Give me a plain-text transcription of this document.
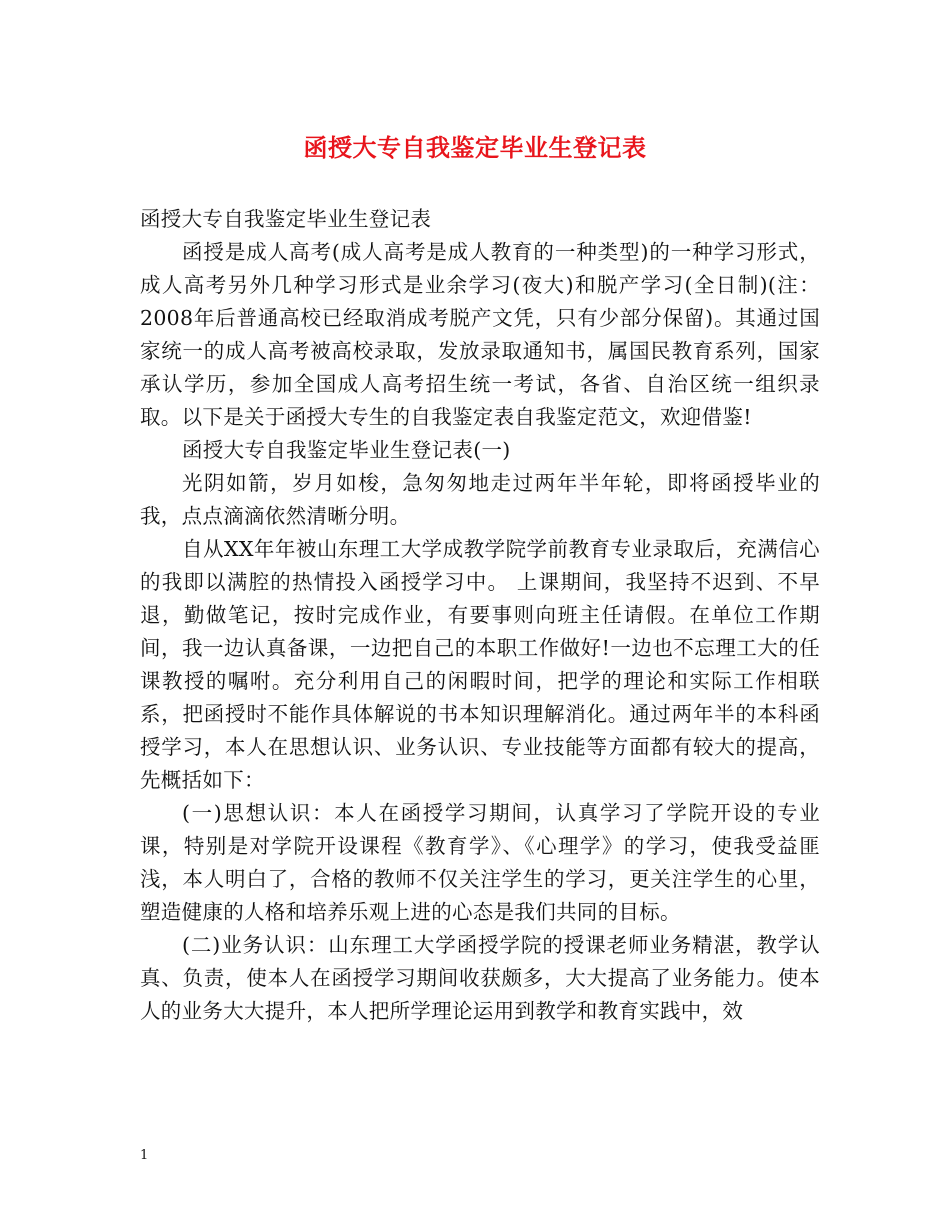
函授大专自我鉴定毕业生登记表

函授大专自我鉴定毕业生登记表

函授是成人高考(成人高考是成人教育的一种类型)的一种学习形式，成人高考另外几种学习形式是业余学习(夜大)和脱产学习(全日制)(注：2008年后普通高校已经取消成考脱产文凭，只有少部分保留)。其通过国家统一的成人高考被高校录取，发放录取通知书，属国民教育系列，国家承认学历，参加全国成人高考招生统一考试，各省、自治区统一组织录取。以下是关于函授大专生的自我鉴定表自我鉴定范文，欢迎借鉴!

函授大专自我鉴定毕业生登记表(一)

光阴如箭，岁月如梭，急匆匆地走过两年半年轮，即将函授毕业的我，点点滴滴依然清晰分明。

自从XX年年被山东理工大学成教学院学前教育专业录取后，充满信心的我即以满腔的热情投入函授学习中。 上课期间，我坚持不迟到、不早退，勤做笔记，按时完成作业，有要事则向班主任请假。在单位工作期间，我一边认真备课，一边把自己的本职工作做好!一边也不忘理工大的任课教授的嘱咐。充分利用自己的闲暇时间，把学的理论和实际工作相联系，把函授时不能作具体解说的书本知识理解消化。通过两年半的本科函授学习，本人在思想认识、业务认识、专业技能等方面都有较大的提高，先概括如下：

(一)思想认识：本人在函授学习期间，认真学习了学院开设的专业课，特别是对学院开设课程《教育学》、《心理学》的学习，使我受益匪浅，本人明白了，合格的教师不仅关注学生的学习，更关注学生的心里，塑造健康的人格和培养乐观上进的心态是我们共同的目标。

(二)业务认识：山东理工大学函授学院的授课老师业务精湛，教学认真、负责，使本人在函授学习期间收获颇多，大大提高了业务能力。使本人的业务大大提升，本人把所学理论运用到教学和教育实践中，效

1
